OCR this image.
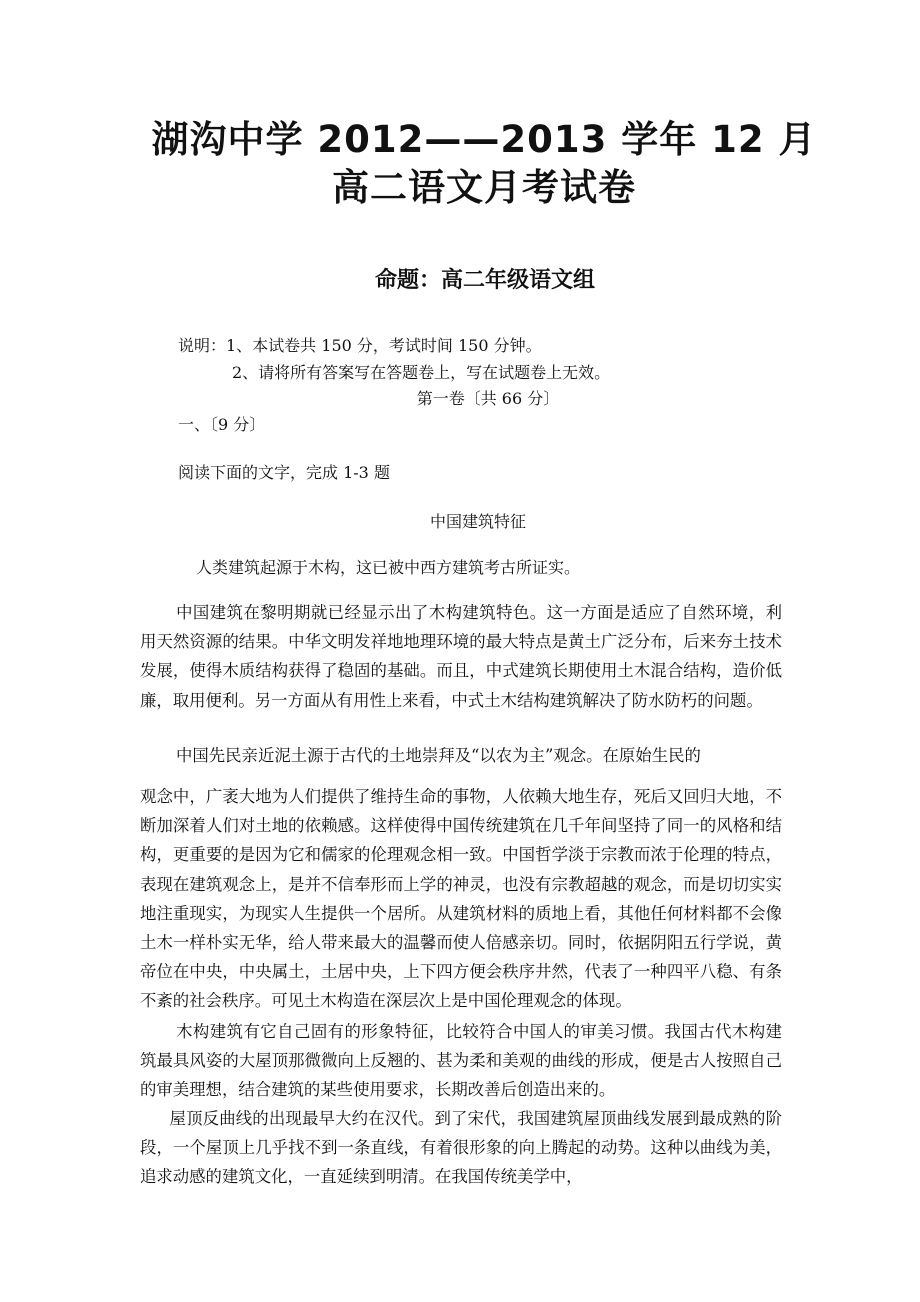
湖沟中学 2012——2013 学年 12 月
高二语文月考试卷
命题：高二年级语文组
说明：1、本试卷共 150 分，考试时间 150 分钟。
2、请将所有答案写在答题卷上，写在试题卷上无效。
第一卷〔共 66 分〕
一、〔9 分〕
阅读下面的文字，完成 1-3 题
中国建筑特征
人类建筑起源于木构，这已被中西方建筑考古所证实。

中国建筑在黎明期就已经显示出了木构建筑特色。这一方面是适应了自然环境，利用天然资源的结果。中华文明发祥地地理环境的最大特点是黄土广泛分布，后来夯土技术发展，使得木质结构获得了稳固的基础。而且，中式建筑长期使用土木混合结构，造价低廉，取用便利。另一方面从有用性上来看，中式土木结构建筑解决了防水防朽的问题。

中国先民亲近泥土源于古代的土地崇拜及“以农为主”观念。在原始生民的

观念中，广袤大地为人们提供了维持生命的事物，人依赖大地生存，死后又回归大地，不断加深着人们对土地的依赖感。这样使得中国传统建筑在几千年间坚持了同一的风格和结构，更重要的是因为它和儒家的伦理观念相一致。中国哲学淡于宗教而浓于伦理的特点，表现在建筑观念上，是并不信奉形而上学的神灵，也没有宗教超越的观念，而是切切实实地注重现实，为现实人生提供一个居所。从建筑材料的质地上看，其他任何材料都不会像土木一样朴实无华，给人带来最大的温馨而使人倍感亲切。同时，依据阴阳五行学说，黄帝位在中央，中央属土，土居中央，上下四方便会秩序井然，代表了一种四平八稳、有条不紊的社会秩序。可见土木构造在深层次上是中国伦理观念的体现。

木构建筑有它自己固有的形象特征，比较符合中国人的审美习惯。我国古代木构建筑最具风姿的大屋顶那微微向上反翘的、甚为柔和美观的曲线的形成，便是古人按照自己的审美理想，结合建筑的某些使用要求，长期改善后创造出来的。

屋顶反曲线的出现最早大约在汉代。到了宋代，我国建筑屋顶曲线发展到最成熟的阶段，一个屋顶上几乎找不到一条直线，有着很形象的向上腾起的动势。这种以曲线为美，追求动感的建筑文化，一直延续到明清。在我国传统美学中，
